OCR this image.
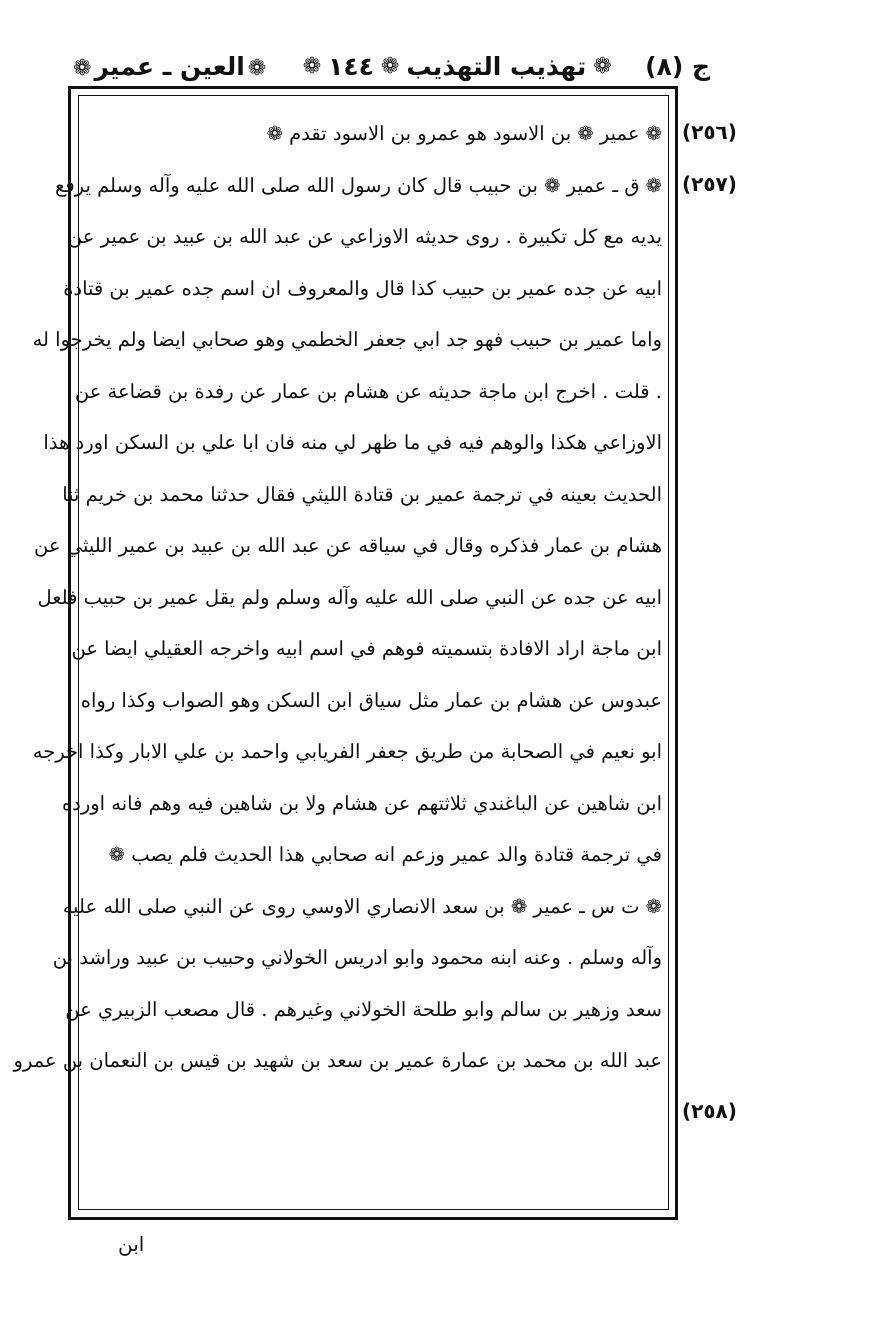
ج (٨)
❁
تهذيب التهذيب
❁
١٤٤
❁
❁العين ـ عمير❁
❁ عمير ❁ بن الاسود هو عمرو بن الاسود تقدم ❁
❁ ق ـ عمير ❁ بن حبيب قال كان رسول الله صلى الله عليه وآله وسلم يرفع
يديه مع كل تكبيرة . روى حديثه الاوزاعي عن عبد الله بن عبيد بن عمير عن
ابيه عن جده عمير بن حبيب كذا قال والمعروف ان اسم جده عمير بن قتادة
واما عمير بن حبيب فهو جد ابي جعفر الخطمي وهو صحابي ايضا ولم يخرجوا له
. قلت . اخرج ابن ماجة حديثه عن هشام بن عمار عن رفدة بن قضاعة عن
الاوزاعي هكذا والوهم فيه في ما ظهر لي منه فان ابا علي بن السكن اورد هذا
الحديث بعينه في ترجمة عمير بن قتادة الليثي فقال حدثنا محمد بن خريم ثنا
هشام بن عمار فذكره وقال في سياقه عن عبد الله بن عبيد بن عمير الليثي عن
ابيه عن جده عن النبي صلى الله عليه وآله وسلم ولم يقل عمير بن حبيب فلعل
ابن ماجة اراد الافادة بتسميته فوهم في اسم ابيه واخرجه العقيلي ايضا عن
عبدوس عن هشام بن عمار مثل سياق ابن السكن وهو الصواب وكذا رواه
ابو نعيم في الصحابة من طريق جعفر الفريابي واحمد بن علي الابار وكذا اخرجه
ابن شاهين عن الباغندي ثلاثتهم عن هشام ولا بن شاهين فيه وهم فانه اورده
في ترجمة قتادة والد عمير وزعم انه صحابي هذا الحديث فلم يصب ❁
❁ ت س ـ عمير ❁ بن سعد الانصاري الاوسي روى عن النبي صلى الله عليه
وآله وسلم . وعنه ابنه محمود وابو ادريس الخولاني وحبيب بن عبيد وراشد بن
سعد وزهير بن سالم وابو طلحة الخولاني وغيرهم . قال مصعب الزبيري عن
عبد الله بن محمد بن عمارة عمير بن سعد بن شهيد بن قيس بن النعمان بن عمرو
(٢٥٦)
(٢٥٧)
(٢٥٨)
ابن
